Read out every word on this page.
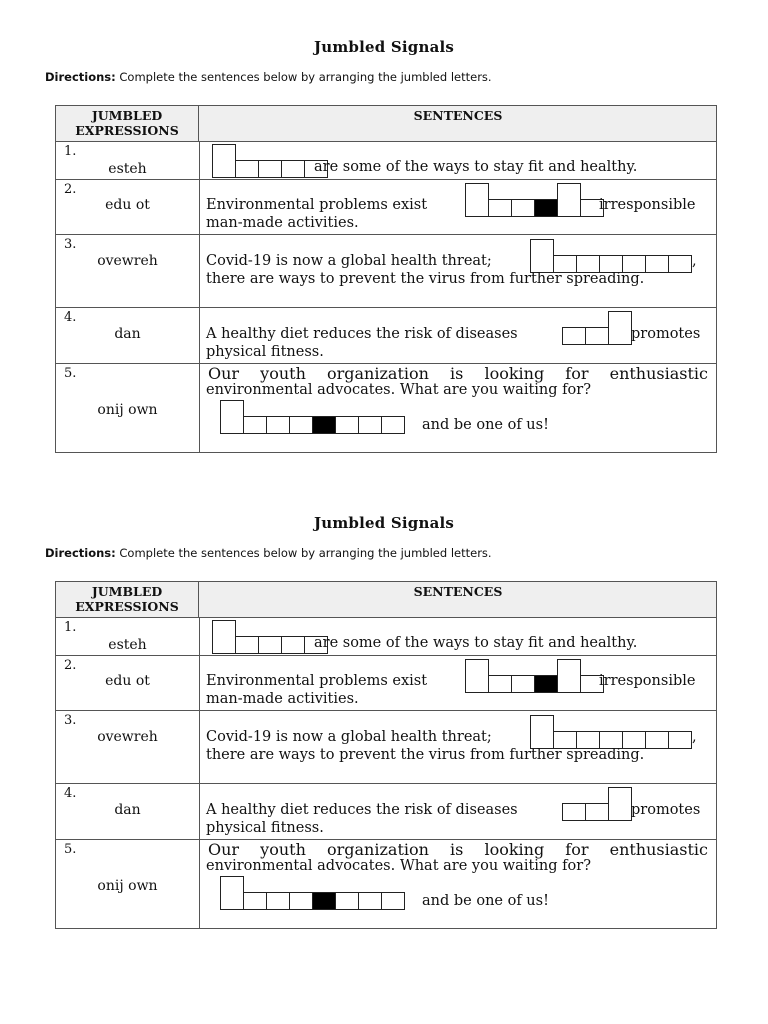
Jumbled Signals
Directions: Complete the sentences below by arranging the jumbled letters.
JUMBLED EXPRESSIONS
SENTENCES
1.
esteh	are some of the ways to stay fit and healthy.
2.
edu ot	Environmental problems exist	irresponsible
man-made activities.
3.
ovewreh	Covid-19 is now a global health threat;	,
there are ways to prevent the virus from further spreading.
4.
dan	A healthy diet reduces the risk of diseases	promotes
physical fitness.
5.
onij own
Our youth organization is looking for enthusiastic
environmental advocates. What are you waiting for?
and be one of us!
Jumbled Signals
Directions: Complete the sentences below by arranging the jumbled letters.
JUMBLED EXPRESSIONS
SENTENCES
1.
esteh	are some of the ways to stay fit and healthy.
2.
edu ot	Environmental problems exist	irresponsible
man-made activities.
3.
ovewreh	Covid-19 is now a global health threat;	,
there are ways to prevent the virus from further spreading.
4.
dan	A healthy diet reduces the risk of diseases	promotes
physical fitness.
5.
onij own
Our youth organization is looking for enthusiastic
environmental advocates. What are you waiting for?
and be one of us!
